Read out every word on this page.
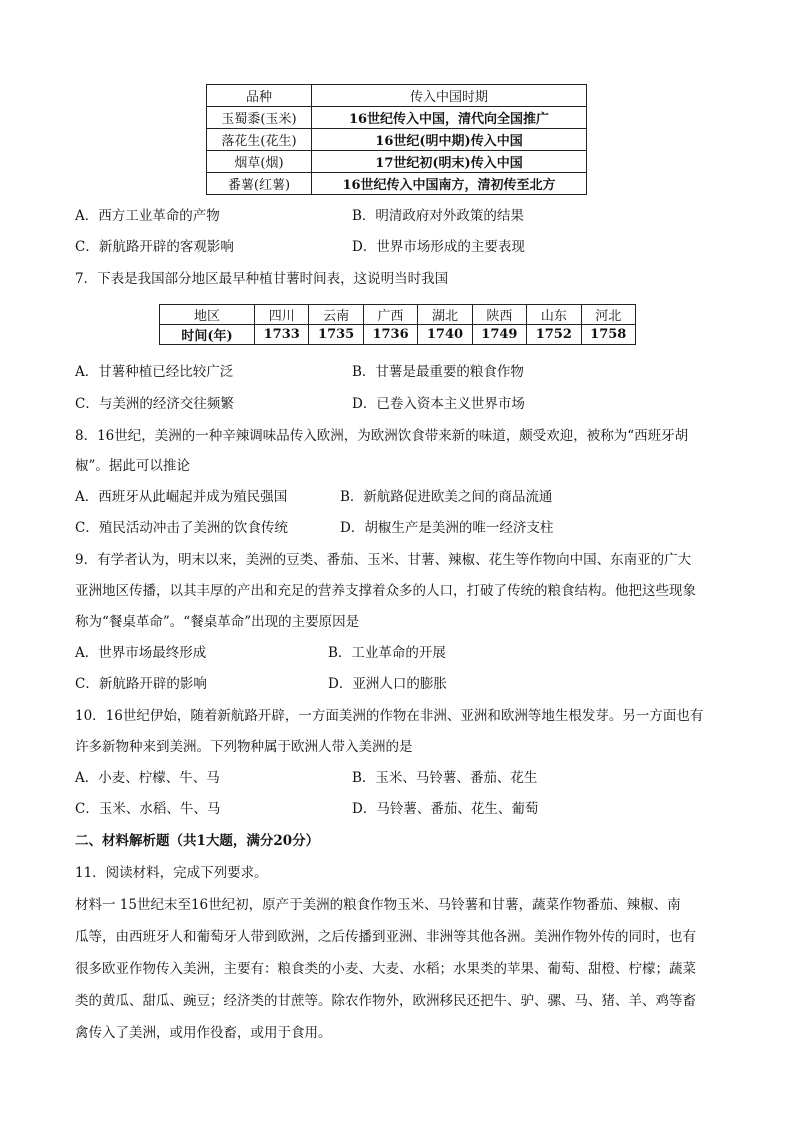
品种	传入中国时期
玉蜀黍(玉米)	16世纪传入中国，清代向全国推广
落花生(花生)	16世纪(明中期)传入中国
烟草(烟)	17世纪初(明末)传入中国
番薯(红薯)	16世纪传入中国南方，清初传至北方
A．西方工业革命的产物	B．明清政府对外政策的结果
C．新航路开辟的客观影响	D．世界市场形成的主要表现
7．下表是我国部分地区最早种植甘薯时间表，这说明当时我国
地区	四川	云南	广西	湖北	陕西	山东	河北
时间(年)	1733	1735	1736	1740	1749	1752	1758
A．甘薯种植已经比较广泛	B．甘薯是最重要的粮食作物
C．与美洲的经济交往频繁	D．已卷入资本主义世界市场
8．16世纪，美洲的一种辛辣调味品传入欧洲，为欧洲饮食带来新的味道，颇受欢迎，被称为“西班牙胡
椒”。据此可以推论
A．西班牙从此崛起并成为殖民强国	B．新航路促进欧美之间的商品流通
C．殖民活动冲击了美洲的饮食传统	D．胡椒生产是美洲的唯一经济支柱
9．有学者认为，明末以来，美洲的豆类、番茄、玉米、甘薯、辣椒、花生等作物向中国、东南亚的广大
亚洲地区传播，以其丰厚的产出和充足的营养支撑着众多的人口，打破了传统的粮食结构。他把这些现象
称为“餐桌革命”。“餐桌革命”出现的主要原因是
A．世界市场最终形成	B．工业革命的开展
C．新航路开辟的影响	D．亚洲人口的膨胀
10．16世纪伊始，随着新航路开辟，一方面美洲的作物在非洲、亚洲和欧洲等地生根发芽。另一方面也有
许多新物种来到美洲。下列物种属于欧洲人带入美洲的是
A．小麦、柠檬、牛、马	B．玉米、马铃薯、番茄、花生
C．玉米、水稻、牛、马	D．马铃薯、番茄、花生、葡萄
二、材料解析题（共1大题，满分20分）
11．阅读材料，完成下列要求。
材料一 15世纪末至16世纪初，原产于美洲的粮食作物玉米、马铃薯和甘薯，蔬菜作物番茄、辣椒、南
瓜等，由西班牙人和葡萄牙人带到欧洲，之后传播到亚洲、非洲等其他各洲。美洲作物外传的同时，也有
很多欧亚作物传入美洲，主要有：粮食类的小麦、大麦、水稻；水果类的苹果、葡萄、甜橙、柠檬；蔬菜
类的黄瓜、甜瓜、豌豆；经济类的甘蔗等。除农作物外，欧洲移民还把牛、驴、骡、马、猪、羊、鸡等畜
禽传入了美洲，或用作役畜，或用于食用。
